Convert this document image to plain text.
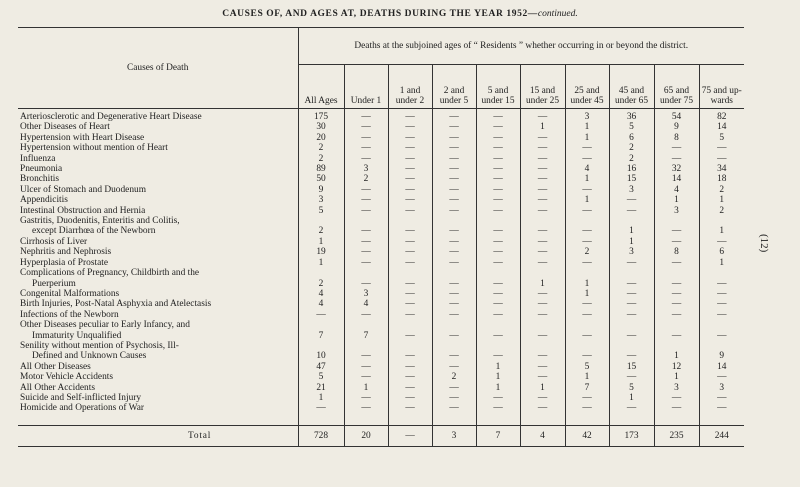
CAUSES OF, AND AGES AT, DEATHS DURING THE YEAR 1952—continued.
(12)
Causes of Death	Deaths at the subjoined ages of “ Residents ” whether occurring in or beyond the district.									
	All Ages	Under 1	1 and under 2	2 and under 5	5 and under 15	15 and under 25	25 and under 45	45 and under 65	65 and under 75	75 and up-wards
Arteriosclerotic and Degenerative Heart Disease	175	—	—	—	—	—	3	36	54	82
Other Diseases of Heart	30	—	—	—	—	1	1	5	9	14
Hypertension with Heart Disease	20	—	—	—	—	—	1	6	8	5
Hypertension without mention of Heart	2	—	—	—	—	—	—	2	—	—
Influenza	2	—	—	—	—	—	—	2	—	—
Pneumonia	89	3	—	—	—	—	4	16	32	34
Bronchitis	50	2	—	—	—	—	1	15	14	18
Ulcer of Stomach and Duodenum	9	—	—	—	—	—	—	3	4	2
Appendicitis	3	—	—	—	—	—	1	—	1	1
Intestinal Obstruction and Hernia	5	—	—	—	—	—	—	—	3	2
Gastritis, Duodenitis, Enteritis and Colitis,										
except Diarrhœa of the Newborn	2	—	—	—	—	—	—	1	—	1
Cirrhosis of Liver	1	—	—	—	—	—	—	1	—	—
Nephritis and Nephrosis	19	—	—	—	—	—	2	3	8	6
Hyperplasia of Prostate	1	—	—	—	—	—	—	—	—	1
Complications of Pregnancy, Childbirth and the										
Puerperium	2	—	—	—	—	1	1	—	—	—
Congenital Malformations	4	3	—	—	—	—	1	—	—	—
Birth Injuries, Post-Natal Asphyxia and Atelectasis	4	4	—	—	—	—	—	—	—	—
Infections of the Newborn	—	—	—	—	—	—	—	—	—	—
Other Diseases peculiar to Early Infancy, and										
Immaturity Unqualified	7	7	—	—	—	—	—	—	—	—
Senility without mention of Psychosis, Ill-										
Defined and Unknown Causes	10	—	—	—	—	—	—	—	1	9
All Other Diseases	47	—	—	—	1	—	5	15	12	14
Motor Vehicle Accidents	5	—	—	2	1	—	1	—	1	—
All Other Accidents	21	1	—	—	1	1	7	5	3	3
Suicide and Self-inflicted Injury	1	—	—	—	—	—	—	1	—	—
Homicide and Operations of War	—	—	—	—	—	—	—	—	—	—

Total	728	20	—	3	7	4	42	173	235	244
